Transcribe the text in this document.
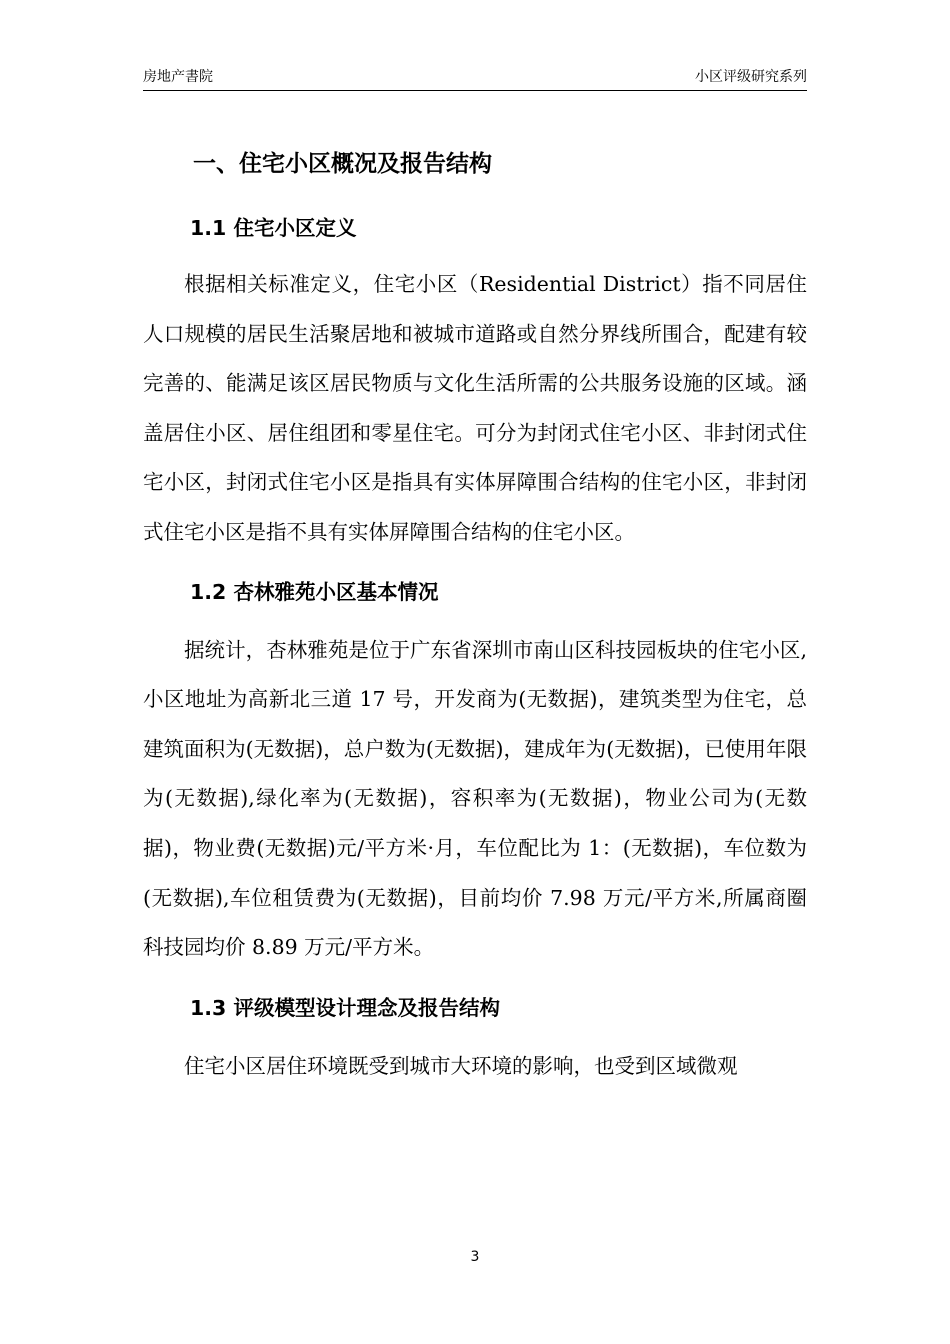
房地产書院	小区评级研究系列
一、住宅小区概况及报告结构
1.1 住宅小区定义

根据相关标准定义，住宅小区（Residential District）指不同居住人口规模的居民生活聚居地和被城市道路或自然分界线所围合，配建有较完善的、能满足该区居民物质与文化生活所需的公共服务设施的区域。涵盖居住小区、居住组团和零星住宅。可分为封闭式住宅小区、非封闭式住宅小区，封闭式住宅小区是指具有实体屏障围合结构的住宅小区，非封闭式住宅小区是指不具有实体屏障围合结构的住宅小区。

1.2 杏林雅苑小区基本情况

据统计，杏林雅苑是位于广东省深圳市南山区科技园板块的住宅小区,小区地址为高新北三道 17 号，开发商为(无数据)，建筑类型为住宅，总建筑面积为(无数据)，总户数为(无数据)，建成年为(无数据)，已使用年限为(无数据),绿化率为(无数据)，容积率为(无数据)，物业公司为(无数据)，物业费(无数据)元/平方米·月，车位配比为 1：(无数据)，车位数为(无数据),车位租赁费为(无数据)，目前均价 7.98 万元/平方米,所属商圈科技园均价 8.89 万元/平方米。

1.3 评级模型设计理念及报告结构

住宅小区居住环境既受到城市大环境的影响，也受到区域微观

3
